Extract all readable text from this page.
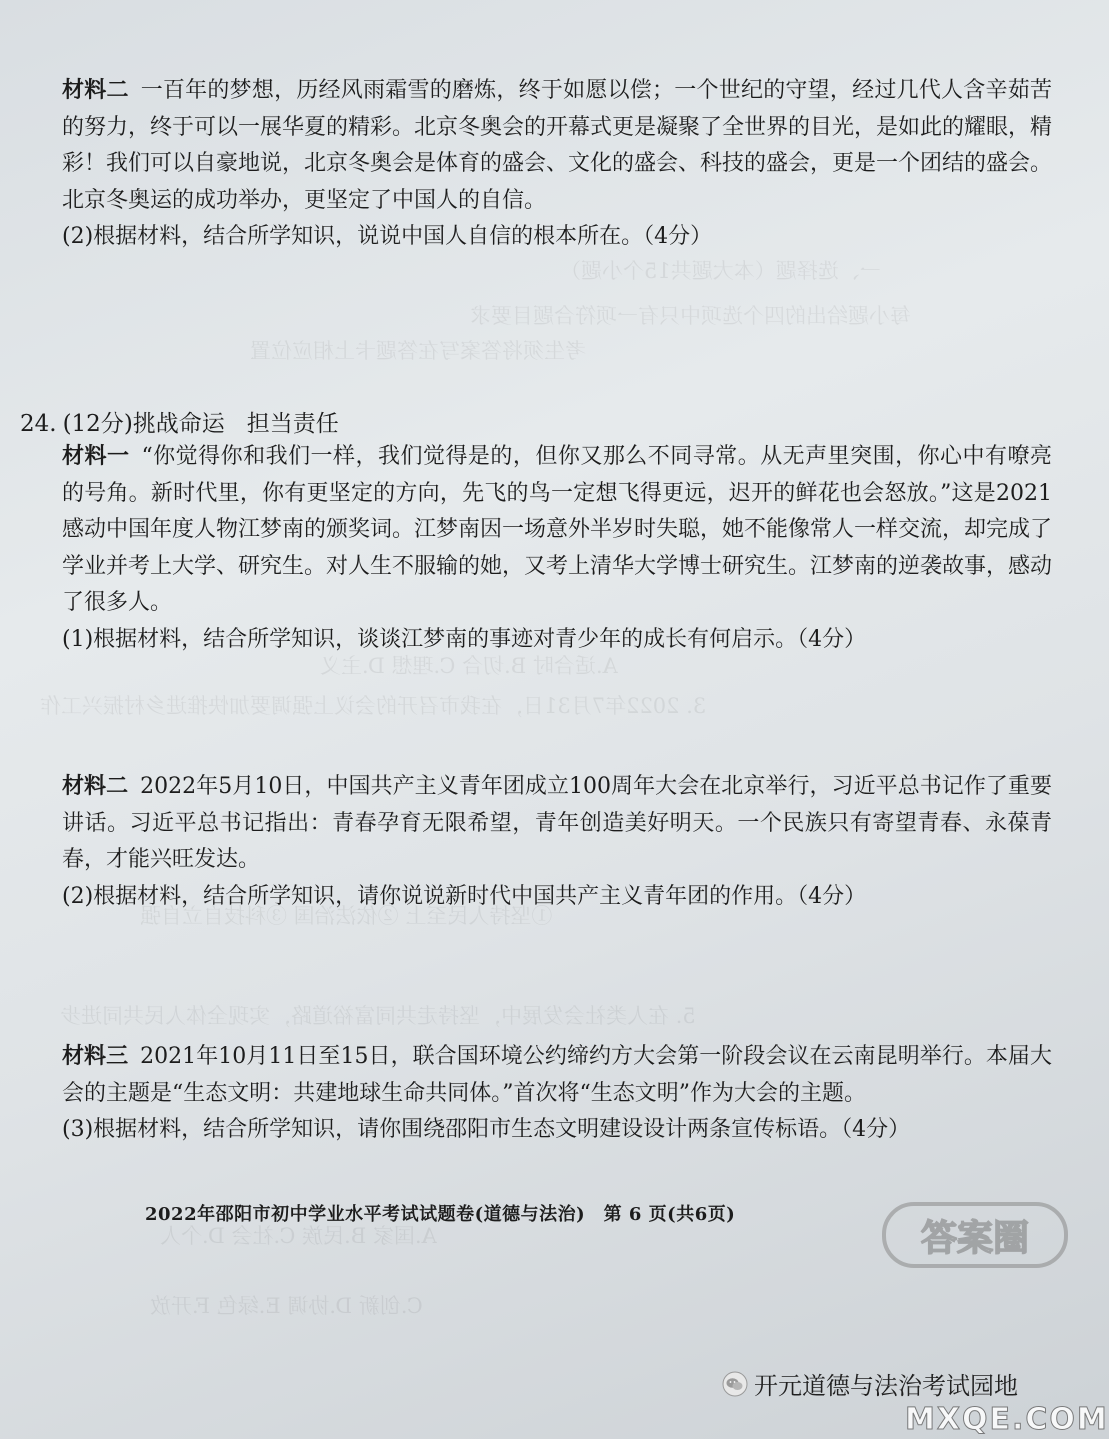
一、选择题（本大题共15个小题）
每小题给出的四个选项中只有一项符合题目要求
考生须将答案写在答题卡上相应位置
A.适合时 B.切合 C.理想 D.主义
3. 2022年7月31日，在我市召开的会议上强调要加快推进乡村振兴工作
①坚持人民至上 ②依法治国 ③科技自立自强
5. 在人类社会发展中，坚持走共同富裕道路，实现全体人民共同进步
A.国家 B.民族 C.社会 D.个人
C.创新 D.协调 E.绿色 F.开放

材料二 一百年的梦想，历经风雨霜雪的磨炼，终于如愿以偿；一个世纪的守望，经过几代人含辛茹苦的努力，终于可以一展华夏的精彩。北京冬奥会的开幕式更是凝聚了全世界的目光，是如此的耀眼，精彩！我们可以自豪地说，北京冬奥会是体育的盛会、文化的盛会、科技的盛会，更是一个团结的盛会。北京冬奥运的成功举办，更坚定了中国人的自信。

(2)根据材料，结合所学知识，说说中国人自信的根本所在。（4分）

24. (12分)挑战命运 担当责任

材料一 “你觉得你和我们一样，我们觉得是的，但你又那么不同寻常。从无声里突围，你心中有嘹亮的号角。新时代里，你有更坚定的方向，先飞的鸟一定想飞得更远，迟开的鲜花也会怒放。”这是2021感动中国年度人物江梦南的颁奖词。江梦南因一场意外半岁时失聪，她不能像常人一样交流，却完成了学业并考上大学、研究生。对人生不服输的她，又考上清华大学博士研究生。江梦南的逆袭故事，感动了很多人。

(1)根据材料，结合所学知识，谈谈江梦南的事迹对青少年的成长有何启示。（4分）

材料二 2022年5月10日，中国共产主义青年团成立100周年大会在北京举行，习近平总书记作了重要讲话。习近平总书记指出：青春孕育无限希望，青年创造美好明天。一个民族只有寄望青春、永葆青春，才能兴旺发达。

(2)根据材料，结合所学知识，请你说说新时代中国共产主义青年团的作用。（4分）

材料三 2021年10月11日至15日，联合国环境公约缔约方大会第一阶段会议在云南昆明举行。本届大会的主题是“生态文明：共建地球生命共同体。”首次将“生态文明”作为大会的主题。

(3)根据材料，结合所学知识，请你围绕邵阳市生态文明建设设计两条宣传标语。（4分）

2022年邵阳市初中学业水平考试试题卷(道德与法治)　第 6 页(共6页)
答案圈
开元道德与法治考试园地
MXQE.COM
